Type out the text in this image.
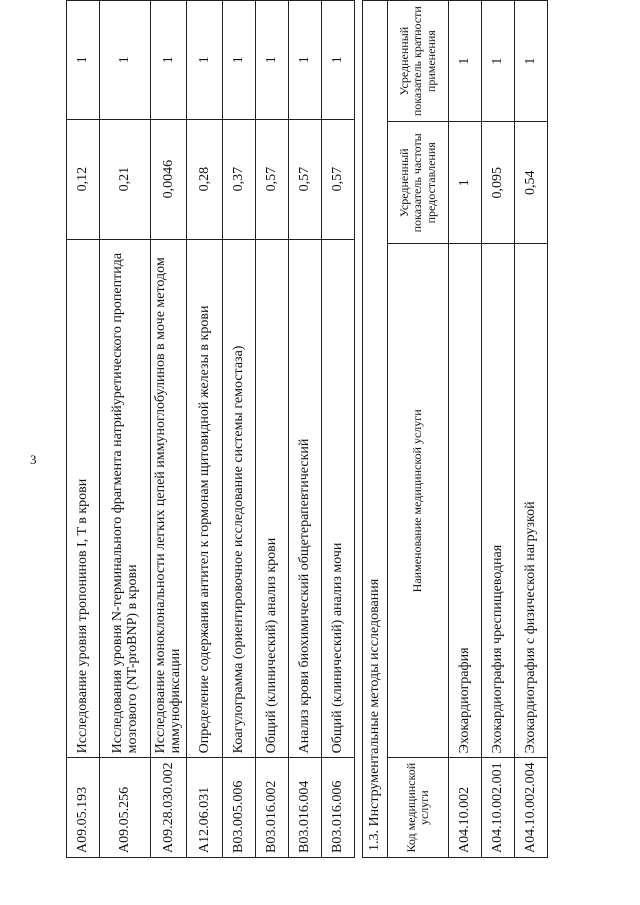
3
A09.05.193	Исследование уровня тропонинов I, T в крови	0,12	1
A09.05.256	Исследования уровня N-терминального фрагмента натрийуретического пропептида мозгового (NT-proBNP) в крови	0,21	1
A09.28.030.002	Исследование моноклональности легких цепей иммуноглобулинов в моче методом иммунофиксации	0,0046	1
A12.06.031	Определение содержания антител к гормонам щитовидной железы в крови	0,28	1
B03.005.006	Коагулограмма (ориентировочное исследование системы гемостаза)	0,37	1
B03.016.002	Общий (клинический) анализ крови	0,57	1
B03.016.004	Анализ крови биохимический общетерапевтический	0,57	1
B03.016.006	Общий (клинический) анализ мочи	0,57	1
1.3. Инструментальные методы исследования			
Код медицинской услуги	Наименование медицинской услуги	Усредненный показатель частоты предоставления	Усредненный показатель кратности применения
A04.10.002	Эхокардиография	1	1
A04.10.002.001	Эхокардиография чреспищеводная	0,095	1
A04.10.002.004	Эхокардиография с физической нагрузкой	0,54	1
